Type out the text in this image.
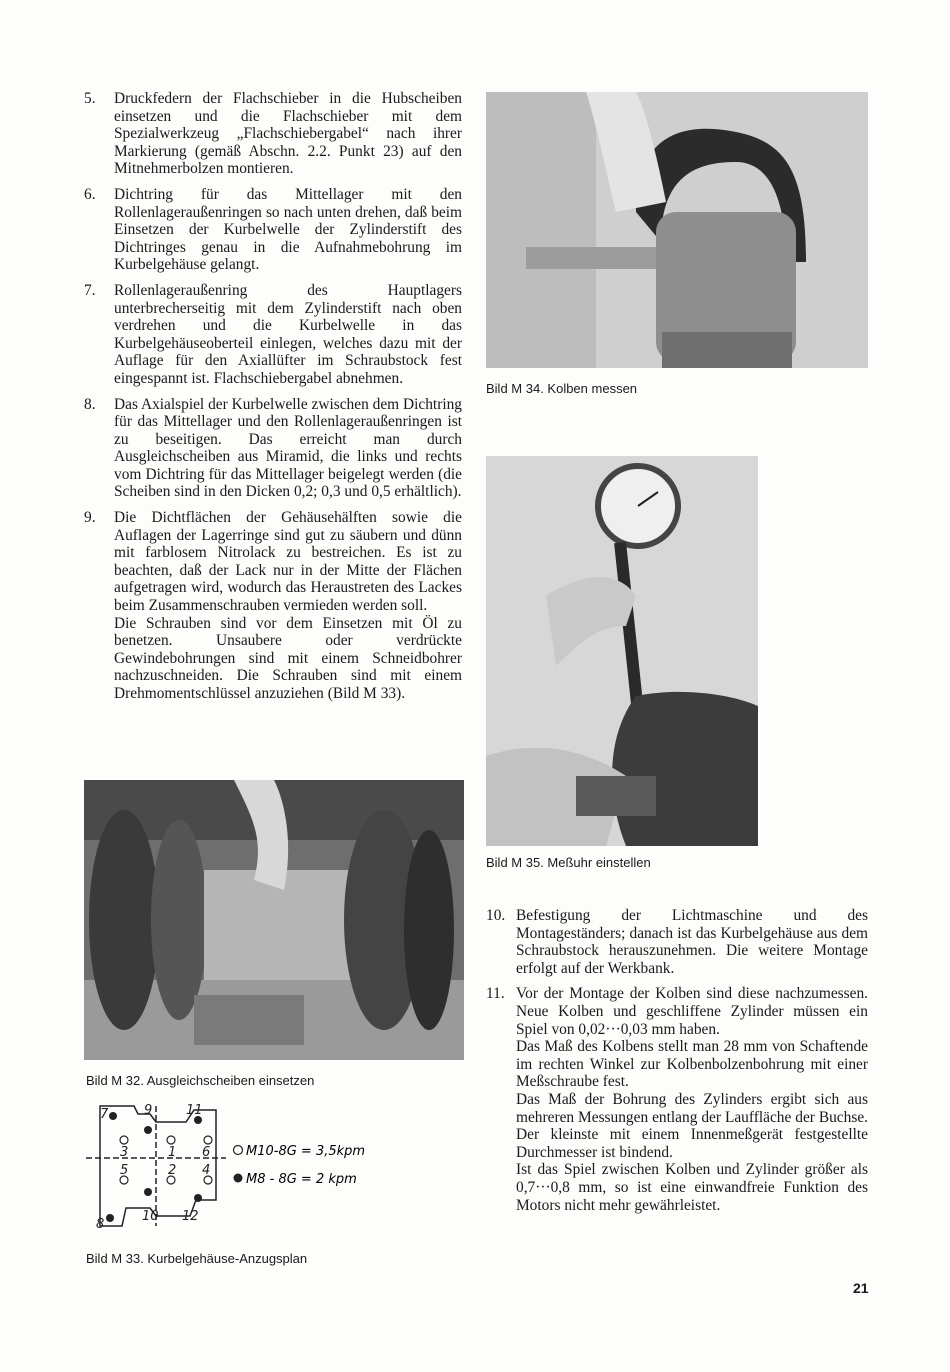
5. Druckfedern der Flachschieber in die Hubscheiben einsetzen und die Flachschieber mit dem Spezialwerkzeug „Flachschiebergabel“ nach ihrer Markierung (gemäß Abschn. 2.2. Punkt 23) auf den Mitnehmerbolzen montieren.

6. Dichtring für das Mittellager mit den Rollenlageraußenringen so nach unten drehen, daß beim Einsetzen der Kurbelwelle der Zylinderstift des Dichtringes genau in die Aufnahmebohrung im Kurbelgehäuse gelangt.

7. Rollenlageraußenring des Hauptlagers unterbrecherseitig mit dem Zylinderstift nach oben verdrehen und die Kurbelwelle in das Kurbelgehäuseoberteil einlegen, welches dazu mit der Auflage für den Axiallüfter im Schraubstock fest eingespannt ist. Flachschiebergabel abnehmen.

8. Das Axialspiel der Kurbelwelle zwischen dem Dichtring für das Mittellager und den Rollenlageraußenringen ist zu beseitigen. Das erreicht man durch Ausgleichscheiben aus Miramid, die links und rechts vom Dichtring für das Mittellager beigelegt werden (die Scheiben sind in den Dicken 0,2; 0,3 und 0,5 erhältlich).

9. Die Dichtflächen der Gehäusehälften sowie die Auflagen der Lagerringe sind gut zu säubern und dünn mit farblosem Nitrolack zu bestreichen. Es ist zu beachten, daß der Lack nur in der Mitte der Flächen aufgetragen wird, wodurch das Heraustreten des Lackes beim Zusammenschrauben vermieden werden soll.

Die Schrauben sind vor dem Einsetzen mit Öl zu benetzen. Unsaubere oder verdrückte Gewindebohrungen sind mit einem Schneidbohrer nachzuschneiden. Die Schrauben sind mit einem Drehmomentschlüssel anzuziehen (Bild M 33).

Bild M 32. Ausgleichscheiben einsetzen
7	9	11
3	1 6
5	2 4
8
10 12
M10-8G = 3,5kpm
M8 - 8G = 2 kpm
Bild M 33. Kurbelgehäuse-Anzugsplan
Bild M 34. Kolben messen
Bild M 35. Meßuhr einstellen
10. Befestigung der Lichtmaschine und des Montageständers; danach ist das Kurbelgehäuse aus dem Schraubstock herauszunehmen. Die weitere Montage erfolgt auf der Werkbank.

11. Vor der Montage der Kolben sind diese nachzumessen. Neue Kolben und geschliffene Zylinder müssen ein Spiel von 0,02···0,03 mm haben.

Das Maß des Kolbens stellt man 28 mm von Schaftende im rechten Winkel zur Kolbenbolzenbohrung mit einer Meßschraube fest.

Das Maß der Bohrung des Zylinders ergibt sich aus mehreren Messungen entlang der Lauffläche der Buchse. Der kleinste mit einem Innenmeßgerät festgestellte Durchmesser ist bindend.

Ist das Spiel zwischen Kolben und Zylinder größer als 0,7···0,8 mm, so ist eine einwandfreie Funktion des Motors nicht mehr gewährleistet.

21
